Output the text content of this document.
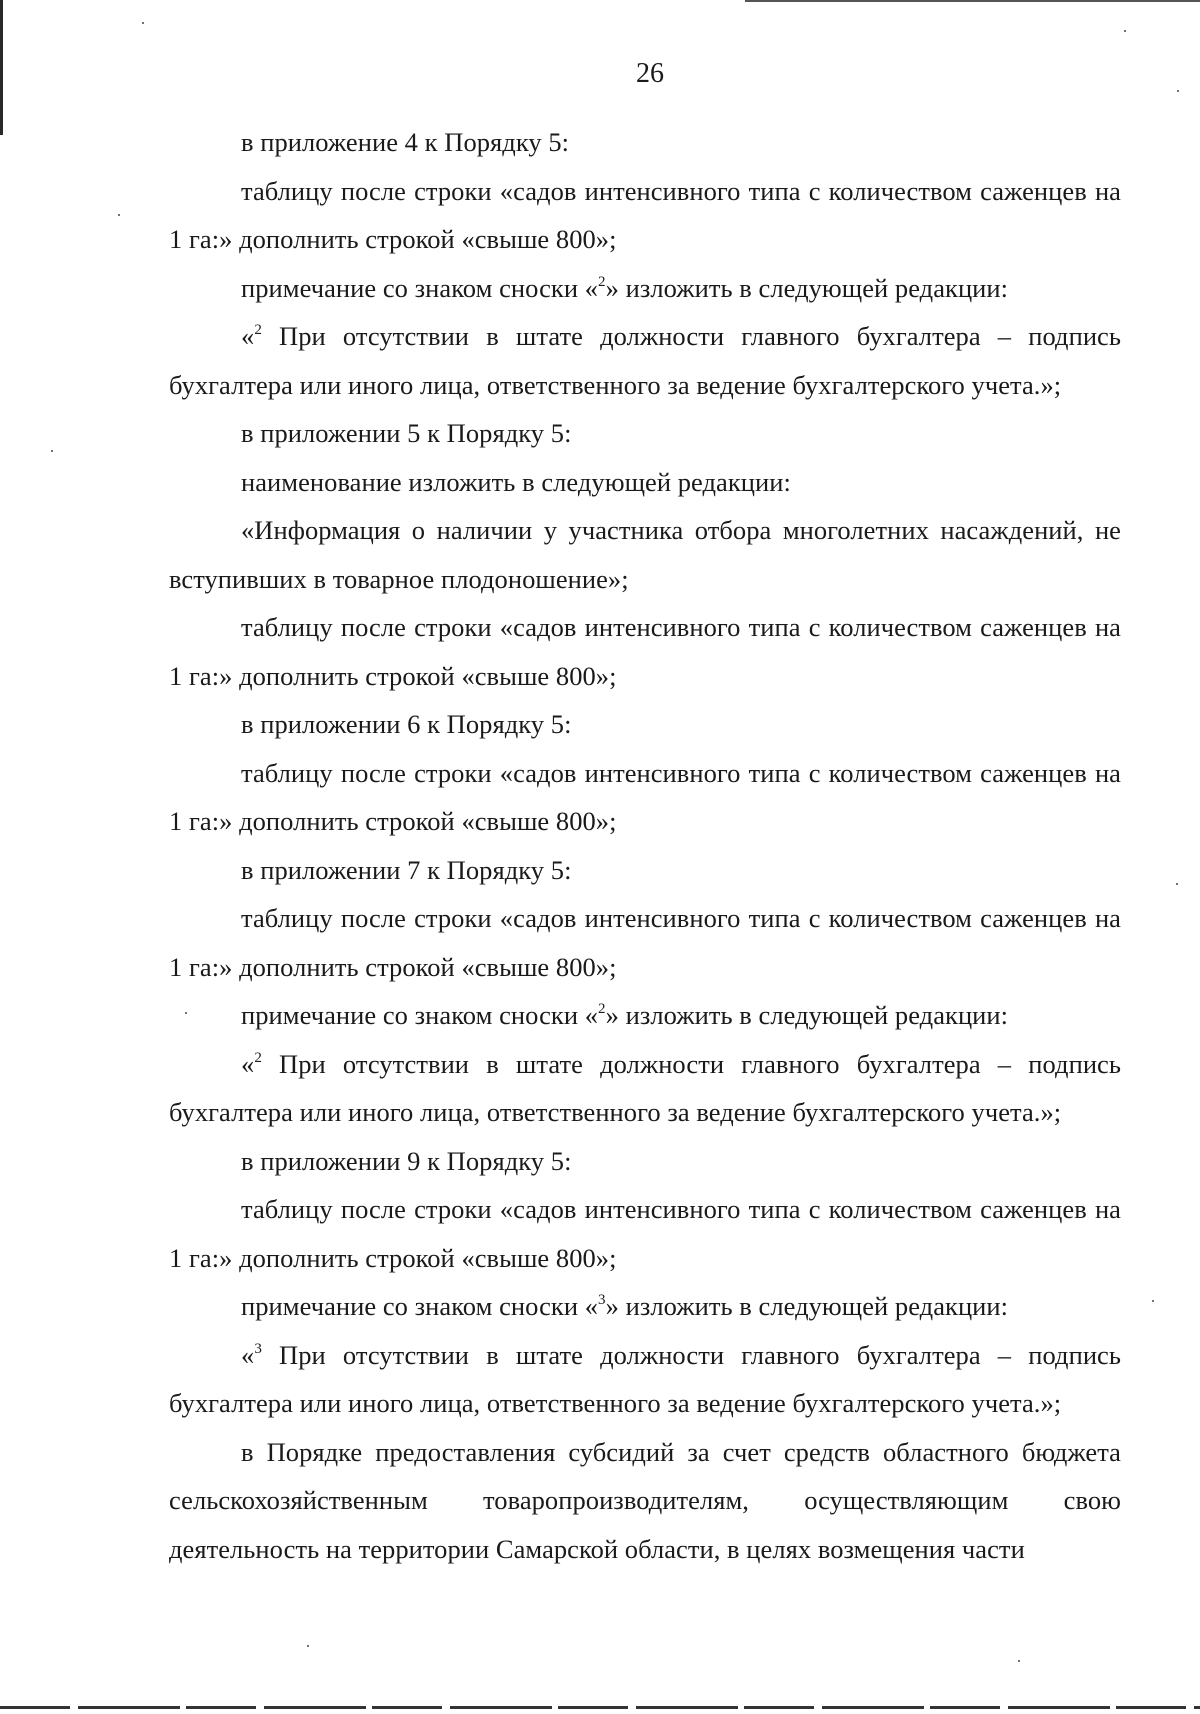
26

в приложение 4 к Порядку 5:

таблицу после строки «садов интенсивного типа с количеством саженцев на 1 га:» дополнить строкой «свыше 800»;

примечание со знаком сноски «$^2$» изложить в следующей редакции:

«$^2$ При отсутствии в штате должности главного бухгалтера – подпись бухгалтера или иного лица, ответственного за ведение бухгалтерского учета.»;

в приложении 5 к Порядку 5:

наименование изложить в следующей редакции:

«Информация о наличии у участника отбора многолетних насаждений, не вступивших в товарное плодоношение»;

таблицу после строки «садов интенсивного типа с количеством саженцев на 1 га:» дополнить строкой «свыше 800»;

в приложении 6 к Порядку 5:

таблицу после строки «садов интенсивного типа с количеством саженцев на 1 га:» дополнить строкой «свыше 800»;

в приложении 7 к Порядку 5:

таблицу после строки «садов интенсивного типа с количеством саженцев на 1 га:» дополнить строкой «свыше 800»;

примечание со знаком сноски «$^2$» изложить в следующей редакции:

«$^2$ При отсутствии в штате должности главного бухгалтера – подпись бухгалтера или иного лица, ответственного за ведение бухгалтерского учета.»;

в приложении 9 к Порядку 5:

таблицу после строки «садов интенсивного типа с количеством саженцев на 1 га:» дополнить строкой «свыше 800»;

примечание со знаком сноски «$^3$» изложить в следующей редакции:

«$^3$ При отсутствии в штате должности главного бухгалтера – подпись бухгалтера или иного лица, ответственного за ведение бухгалтерского учета.»;

в Порядке предоставления субсидий за счет средств областного бюджета сельскохозяйственным товаропроизводителям, осуществляющим свою деятельность на территории Самарской области, в целях возмещения части
